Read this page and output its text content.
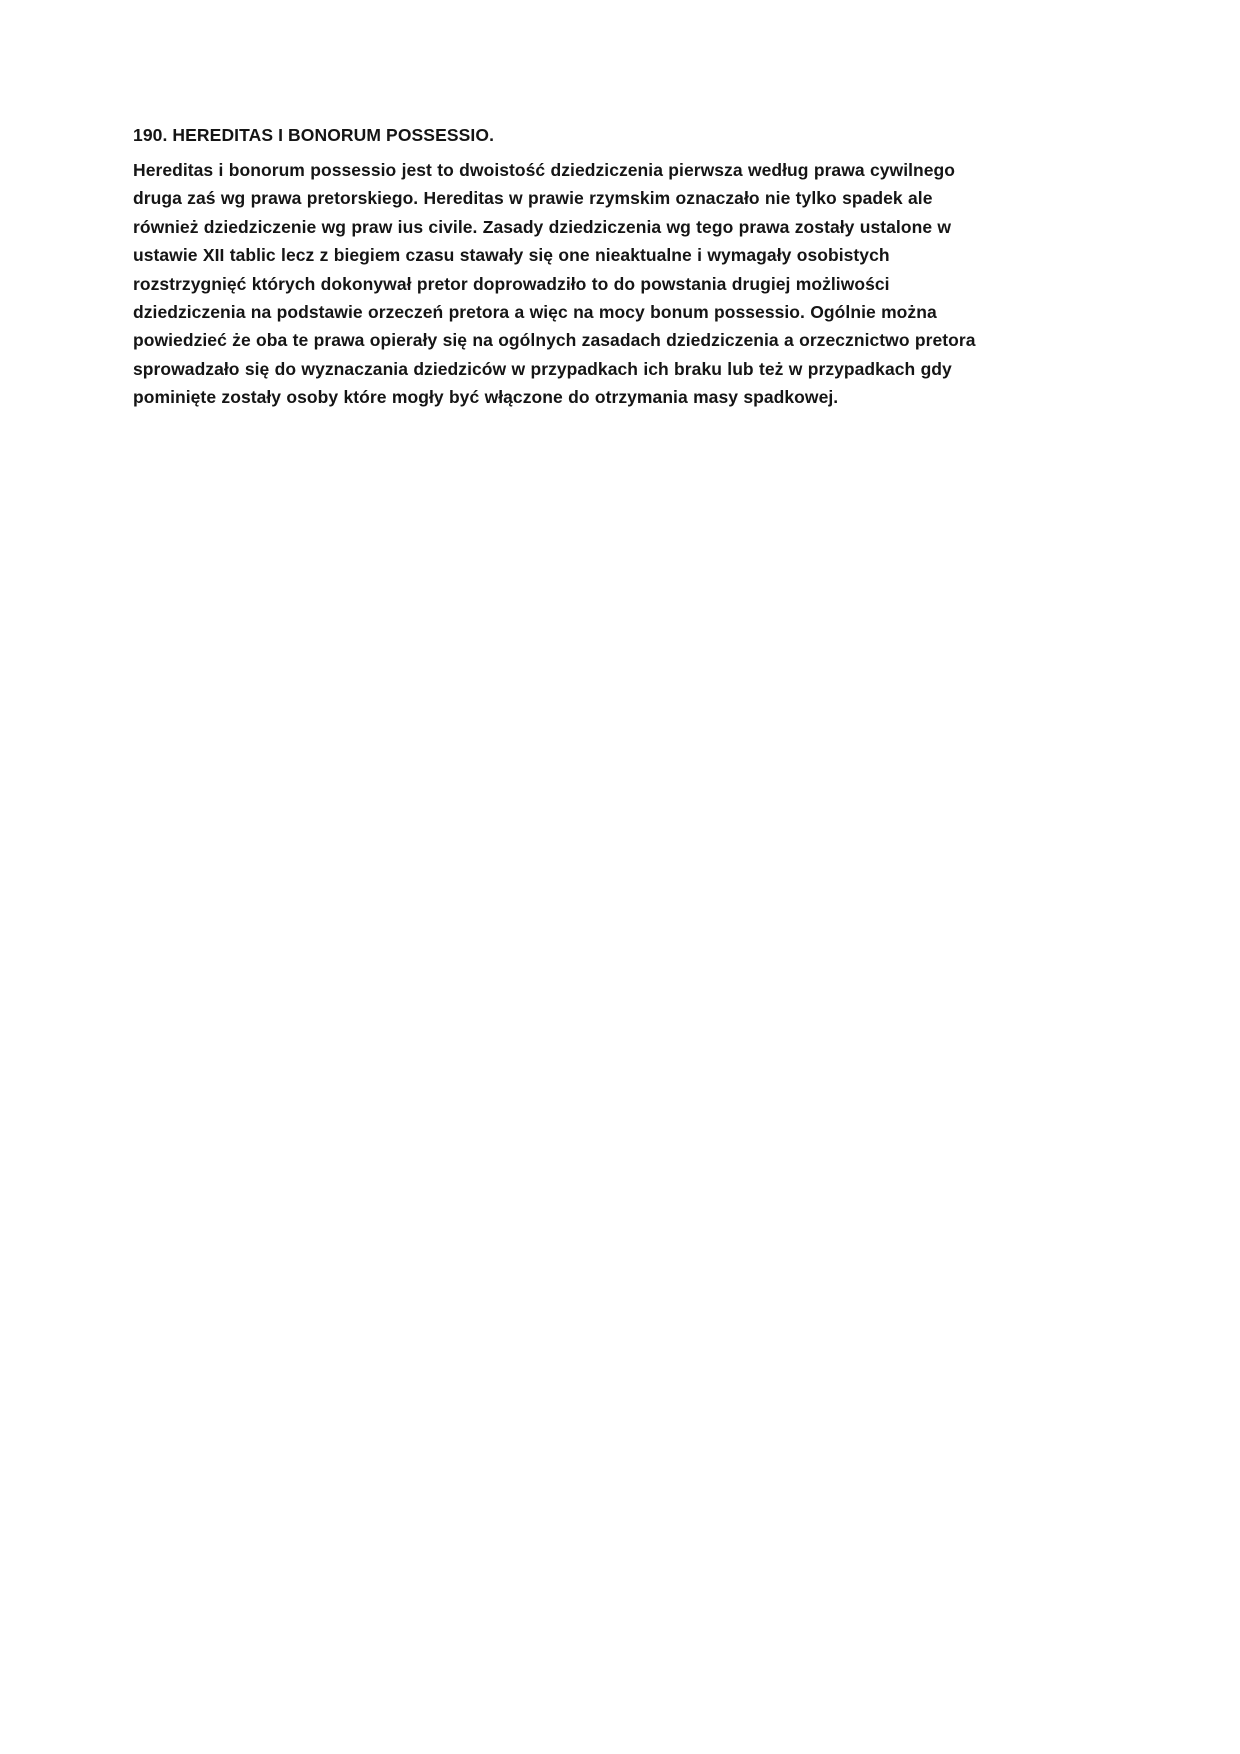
190. HEREDITAS I BONORUM POSSESSIO.

Hereditas i bonorum possessio jest to dwoistość dziedziczenia pierwsza według prawa cywilnego druga zaś wg prawa pretorskiego. Hereditas w prawie rzymskim oznaczało nie tylko spadek ale również dziedziczenie wg praw ius civile. Zasady dziedziczenia wg tego prawa zostały ustalone w ustawie XII tablic lecz z biegiem czasu stawały się one nieaktualne i wymagały osobistych rozstrzygnięć których dokonywał pretor doprowadziło to do powstania drugiej możliwości dziedziczenia na podstawie orzeczeń pretora a więc na mocy bonum possessio. Ogólnie można powiedzieć że oba te prawa opierały się na ogólnych zasadach dziedziczenia a orzecznictwo pretora sprowadzało się do wyznaczania dziedziców w przypadkach ich braku lub też w przypadkach gdy pominięte zostały osoby które mogły być włączone do otrzymania masy spadkowej.
